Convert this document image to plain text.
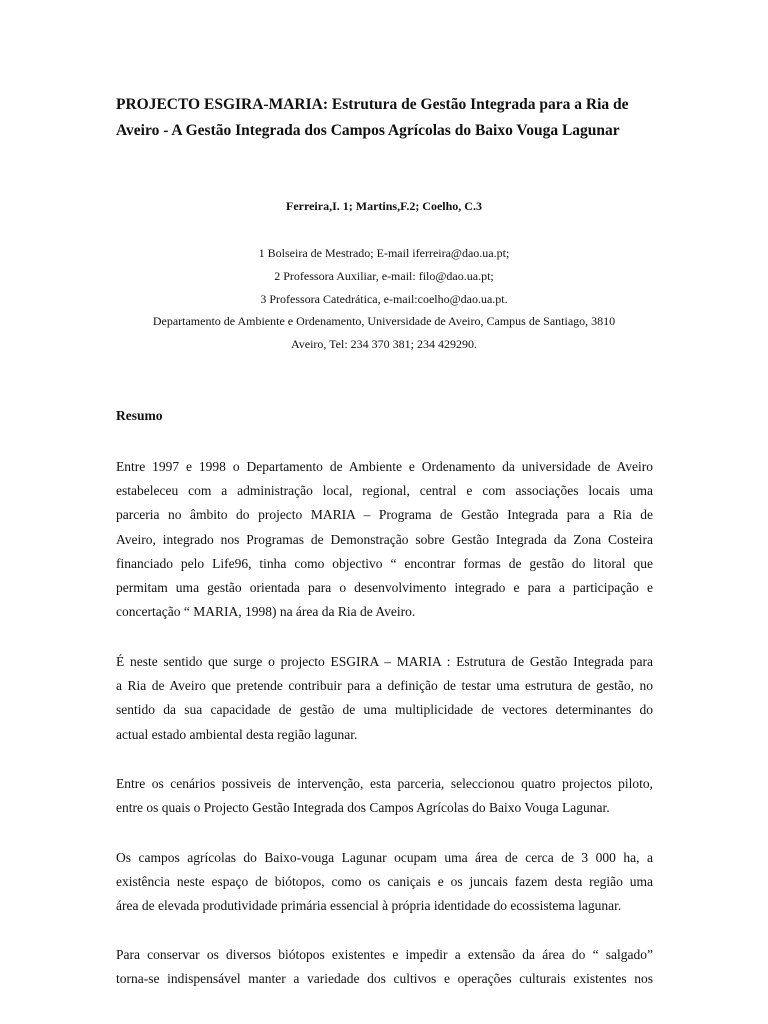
PROJECTO ESGIRA-MARIA: Estrutura de Gestão Integrada para a Ria de
Aveiro - A Gestão Integrada dos Campos Agrícolas do Baixo Vouga Lagunar
Ferreira,I. 1; Martins,F.2; Coelho, C.3
1 Bolseira de Mestrado; E-mail iferreira@dao.ua.pt;
2 Professora Auxiliar, e-mail: filo@dao.ua.pt;
3 Professora Catedrática, e-mail:coelho@dao.ua.pt.
Departamento de Ambiente e Ordenamento, Universidade de Aveiro, Campus de Santiago, 3810
Aveiro, Tel: 234 370 381; 234 429290.
Resumo
Entre 1997 e 1998 o Departamento de Ambiente e Ordenamento da universidade de Aveiro
estabeleceu com a administração local, regional, central e com associações locais uma
parceria no âmbito do projecto MARIA – Programa de Gestão Integrada para a Ria de
Aveiro, integrado nos Programas de Demonstração sobre Gestão Integrada da Zona Costeira
financiado pelo Life96, tinha como objectivo “ encontrar formas de gestão do litoral que
permitam uma gestão orientada para o desenvolvimento integrado e para a participação e
concertação “ MARIA, 1998) na área da Ria de Aveiro.
É neste sentido que surge o projecto ESGIRA – MARIA : Estrutura de Gestão Integrada para
a Ria de Aveiro que pretende contribuir para a definição de testar uma estrutura de gestão, no
sentido da sua capacidade de gestão de uma multiplicidade de vectores determinantes do
actual estado ambiental desta região lagunar.
Entre os cenários possiveis de intervenção, esta parceria, seleccionou quatro projectos piloto,
entre os quais o Projecto Gestão Integrada dos Campos Agrícolas do Baixo Vouga Lagunar.
Os campos agrícolas do Baixo-vouga Lagunar ocupam uma área de cerca de 3 000 ha, a
existência neste espaço de biótopos, como os caniçais e os juncais fazem desta região uma
área de elevada produtividade primária essencial à própria identidade do ecossistema lagunar.
Para conservar os diversos biótopos existentes e impedir a extensão da área do “ salgado”
torna-se indispensável manter a variedade dos cultivos e operações culturais existentes nos
